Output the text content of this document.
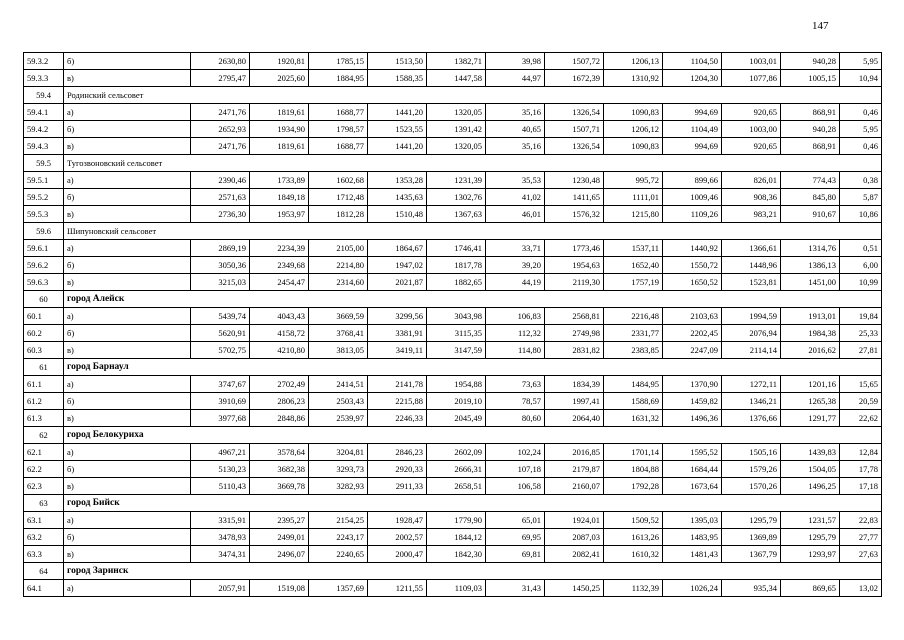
147
59.3.2	б)	2630,80	1920,81	1785,15	1513,50	1382,71	39,98	1507,72	1206,13	1104,50	1003,01	940,28	5,95
59.3.3	в)	2795,47	2025,60	1884,95	1588,35	1447,58	44,97	1672,39	1310,92	1204,30	1077,86	1005,15	10,94
59.4	Родинский сельсовет												
59.4.1	а)	2471,76	1819,61	1688,77	1441,20	1320,05	35,16	1326,54	1090,83	994,69	920,65	868,91	0,46
59.4.2	б)	2652,93	1934,90	1798,57	1523,55	1391,42	40,65	1507,71	1206,12	1104,49	1003,00	940,28	5,95
59.4.3	в)	2471,76	1819,61	1688,77	1441,20	1320,05	35,16	1326,54	1090,83	994,69	920,65	868,91	0,46
59.5	Тугозвоновский сельсовет												
59.5.1	а)	2390,46	1733,89	1602,68	1353,28	1231,39	35,53	1230,48	995,72	899,66	826,01	774,43	0,38
59.5.2	б)	2571,63	1849,18	1712,48	1435,63	1302,76	41,02	1411,65	1111,01	1009,46	908,36	845,80	5,87
59.5.3	в)	2736,30	1953,97	1812,28	1510,48	1367,63	46,01	1576,32	1215,80	1109,26	983,21	910,67	10,86
59.6	Шипуновский сельсовет												
59.6.1	а)	2869,19	2234,39	2105,00	1864,67	1746,41	33,71	1773,46	1537,11	1440,92	1366,61	1314,76	0,51
59.6.2	б)	3050,36	2349,68	2214,80	1947,02	1817,78	39,20	1954,63	1652,40	1550,72	1448,96	1386,13	6,00
59.6.3	в)	3215,03	2454,47	2314,60	2021,87	1882,65	44,19	2119,30	1757,19	1650,52	1523,81	1451,00	10,99
60	город Алейск												
60.1	а)	5439,74	4043,43	3669,59	3299,56	3043,98	106,83	2568,81	2216,48	2103,63	1994,59	1913,01	19,84
60.2	б)	5620,91	4158,72	3768,41	3381,91	3115,35	112,32	2749,98	2331,77	2202,45	2076,94	1984,38	25,33
60.3	в)	5702,75	4210,80	3813,05	3419,11	3147,59	114,80	2831,82	2383,85	2247,09	2114,14	2016,62	27,81
61	город Барнаул												
61.1	а)	3747,67	2702,49	2414,51	2141,78	1954,88	73,63	1834,39	1484,95	1370,90	1272,11	1201,16	15,65
61.2	б)	3910,69	2806,23	2503,43	2215,88	2019,10	78,57	1997,41	1588,69	1459,82	1346,21	1265,38	20,59
61.3	в)	3977,68	2848,86	2539,97	2246,33	2045,49	80,60	2064,40	1631,32	1496,36	1376,66	1291,77	22,62
62	город Белокуриха												
62.1	а)	4967,21	3578,64	3204,81	2846,23	2602,09	102,24	2016,85	1701,14	1595,52	1505,16	1439,83	12,84
62.2	б)	5130,23	3682,38	3293,73	2920,33	2666,31	107,18	2179,87	1804,88	1684,44	1579,26	1504,05	17,78
62.3	в)	5110,43	3669,78	3282,93	2911,33	2658,51	106,58	2160,07	1792,28	1673,64	1570,26	1496,25	17,18
63	город Бийск												
63.1	а)	3315,91	2395,27	2154,25	1928,47	1779,90	65,01	1924,01	1509,52	1395,03	1295,79	1231,57	22,83
63.2	б)	3478,93	2499,01	2243,17	2002,57	1844,12	69,95	2087,03	1613,26	1483,95	1369,89	1295,79	27,77
63.3	в)	3474,31	2496,07	2240,65	2000,47	1842,30	69,81	2082,41	1610,32	1481,43	1367,79	1293,97	27,63
64	город Заринск												
64.1	а)	2057,91	1519,08	1357,69	1211,55	1109,03	31,43	1450,25	1132,39	1026,24	935,34	869,65	13,02
